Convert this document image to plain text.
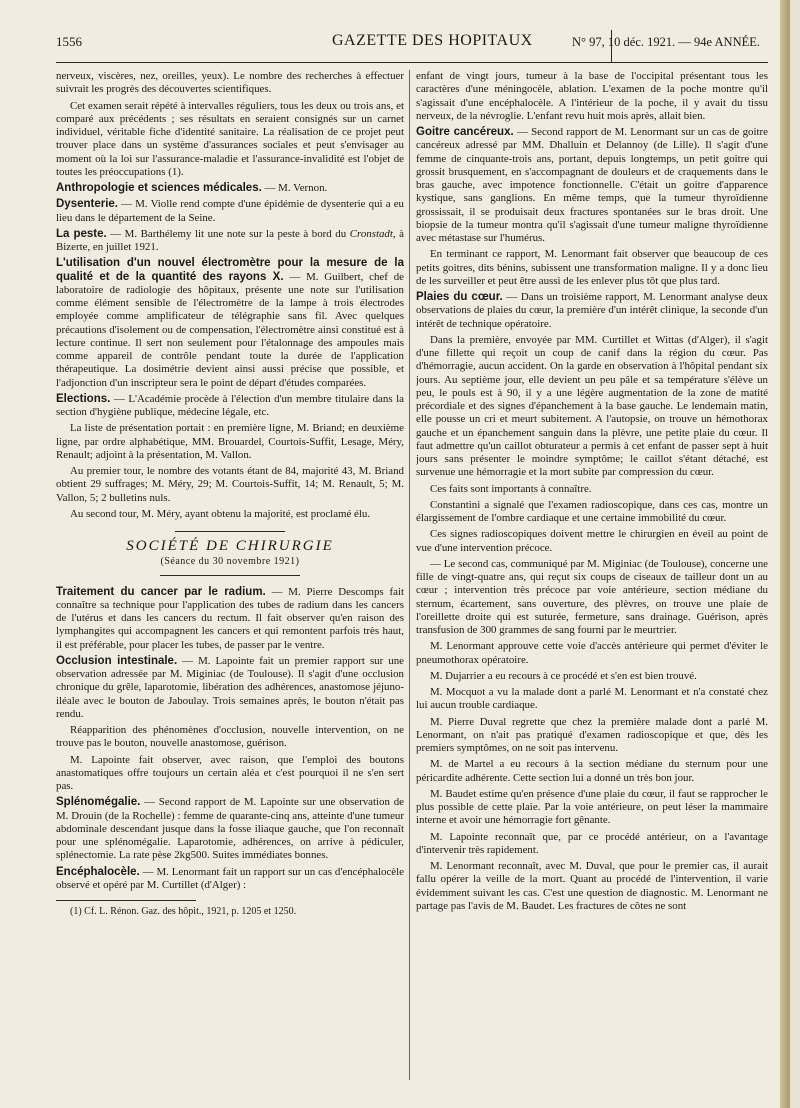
1556	GAZETTE DES HOPITAUX	N° 97, 10 déc. 1921. — 94e ANNÉE.

nerveux, viscères, nez, oreilles, yeux). Le nombre des recherches à effectuer suivrait les progrès des découvertes scientifiques.

Cet examen serait répété à intervalles réguliers, tous les deux ou trois ans, et comparé aux précédents ; ses résultats en seraient consignés sur un carnet individuel, véritable fiche d'identité sanitaire. La réalisation de ce projet peut trouver place dans un système d'assurances sociales et peut s'envisager au moment où la loi sur l'assurance-maladie et l'assurance-invalidité est l'objet de toutes les préoccupations (1).

Anthropologie et sciences médicales. — M. Vernon.

Dysenterie. — M. Violle rend compte d'une épidémie de dysenterie qui a eu lieu dans le département de la Seine.

La peste. — M. Barthélemy lit une note sur la peste à bord du Cronstadt, à Bizerte, en juillet 1921.

L'utilisation d'un nouvel électromètre pour la mesure de la qualité et de la quantité des rayons X. — M. Guilbert, chef de laboratoire de radiologie des hôpitaux, présente une note sur l'utilisation comme élément sensible de l'électromètre de la lampe à trois électrodes employée comme amplificateur de télégraphie sans fil. Avec quelques précautions d'isolement ou de compensation, l'électromètre ainsi constitué est à lecture continue. Il sert non seulement pour l'étalonnage des ampoules mais comme appareil de contrôle pendant toute la durée de l'application thérapeutique. La dosimétrie devient ainsi aussi précise que possible, et l'adjonction d'un inscripteur sera le point de départ d'études comparées.

Elections. — L'Académie procède à l'élection d'un membre titulaire dans la section d'hygiène publique, médecine légale, etc.

La liste de présentation portait : en première ligne, M. Briand; en deuxième ligne, par ordre alphabétique, MM. Brouardel, Courtois-Suffit, Lesage, Méry, Renault; adjoint à la présentation, M. Vallon.

Au premier tour, le nombre des votants étant de 84, majorité 43, M. Briand obtient 29 suffrages; M. Méry, 29; M. Courtois-Suffit, 14; M. Renault, 5; M. Vallon, 5; 2 bulletins nuls.

Au second tour, M. Méry, ayant obtenu la majorité, est proclamé élu.

SOCIÉTÉ DE CHIRURGIE
(Séance du 30 novembre 1921)

Traitement du cancer par le radium. — M. Pierre Descomps fait connaître sa technique pour l'application des tubes de radium dans les cancers de l'utérus et dans les cancers du rectum. Il fait observer qu'en raison des lymphangites qui accompagnent les cancers et qui remontent parfois très haut, il est préférable, pour placer les tubes, de passer par le ventre.

Occlusion intestinale. — M. Lapointe fait un premier rapport sur une observation adressée par M. Miginiac (de Toulouse). Il s'agit d'une occlusion chronique du grêle, laparotomie, libération des adhérences, anastomose jéjuno-iléale avec le bouton de Jaboulay. Trois semaines après, le bouton n'était pas rendu.

Réapparition des phénomènes d'occlusion, nouvelle intervention, on ne trouve pas le bouton, nouvelle anastomose, guérison.

M. Lapointe fait observer, avec raison, que l'emploi des boutons anastomatiques offre toujours un certain aléa et c'est pourquoi il ne s'en sert pas.

Splénomégalie. — Second rapport de M. Lapointe sur une observation de M. Drouin (de la Rochelle) : femme de quarante-cinq ans, atteinte d'une tumeur abdominale descendant jusque dans la fosse iliaque gauche, que l'on reconnaît pour une splénomégalie. Laparotomie, adhérences, on arrive à pédiculer, splénectomie. La rate pèse 2kg500. Suites immédiates bonnes.

Encéphalocèle. — M. Lenormant fait un rapport sur un cas d'encéphalocèle observé et opéré par M. Curtillet (d'Alger) :

(1) Cf. L. Rénon. Gaz. des hôpit., 1921, p. 1205 et 1250.

enfant de vingt jours, tumeur à la base de l'occipital présentant tous les caractères d'une méningocèle, ablation. L'examen de la poche montre qu'il s'agissait d'une encéphalocèle. A l'intérieur de la poche, il y avait du tissu nerveux, de la névroglie. L'enfant revu huit mois après, allait bien.

Goitre cancéreux. — Second rapport de M. Lenormant sur un cas de goitre cancéreux adressé par MM. Dhalluin et Delannoy (de Lille). Il s'agit d'une femme de cinquante-trois ans, portant, depuis longtemps, un petit goitre qui grossit brusquement, en s'accompagnant de douleurs et de craquements dans le bras gauche, avec impotence fonctionnelle. C'était un goitre d'apparence kystique, sans ganglions. En même temps, que la tumeur thyroïdienne grossissait, il se produisait deux fractures spontanées sur le bras droit. Une biopsie de la tumeur montra qu'il s'agissait d'une tumeur maligne thyroïdienne avec métastase sur l'humérus.

En terminant ce rapport, M. Lenormant fait observer que beaucoup de ces petits goitres, dits bénins, subissent une transformation maligne. Il y a donc lieu de les surveiller et peut être aussi de les enlever plus tôt que plus tard.

Plaies du cœur. — Dans un troisième rapport, M. Lenormant analyse deux observations de plaies du cœur, la première d'un intérêt clinique, la seconde d'un intérêt de technique opératoire.

Dans la première, envoyée par MM. Curtillet et Wittas (d'Alger), il s'agit d'une fillette qui reçoit un coup de canif dans la région du cœur. Pas d'hémorragie, aucun accident. On la garde en observation à l'hôpital pendant six jours. Au septième jour, elle devient un peu pâle et sa température s'élève un peu, le pouls est à 90, il y a une légère augmentation de la zone de matité précordiale et des signes d'épanchement à la base gauche. Le lendemain matin, elle pousse un cri et meurt subitement. A l'autopsie, on trouve un hémothorax gauche et un épanchement sanguin dans la plèvre, une petite plaie du cœur. Il faut admettre qu'un caillot obturateur a permis à cet enfant de passer sept à huit jours sans présenter le moindre symptôme; le caillot s'étant détaché, est survenue une hémorragie et la mort subite par compression du cœur.

Ces faits sont importants à connaître.

Constantini a signalé que l'examen radioscopique, dans ces cas, montre un élargissement de l'ombre cardiaque et une certaine immobilité du cœur.

Ces signes radioscopiques doivent mettre le chirurgien en éveil au point de vue d'une intervention précoce.

— Le second cas, communiqué par M. Miginiac (de Toulouse), concerne une fille de vingt-quatre ans, qui reçut six coups de ciseaux de tailleur dont un au cœur ; intervention très précoce par voie antérieure, section médiane du sternum, écartement, sans ouverture, des plèvres, on trouve une plaie de l'oreillette droite qui est suturée, fermeture, sans drainage. Guérison, après transfusion de 300 grammes de sang fourni par le meurtrier.

M. Lenormant approuve cette voie d'accès antérieure qui permet d'éviter le pneumothorax opératoire.

M. Dujarrier a eu recours à ce procédé et s'en est bien trouvé.

M. Mocquot a vu la malade dont a parlé M. Lenormant et n'a constaté chez lui aucun trouble cardiaque.

M. Pierre Duval regrette que chez la première malade dont a parlé M. Lenormant, on n'ait pas pratiqué d'examen radioscopique et que, dès les premiers symptômes, on ne soit pas intervenu.

M. de Martel a eu recours à la section médiane du sternum pour une péricardite adhérente. Cette section lui a donné un très bon jour.

M. Baudet estime qu'en présence d'une plaie du cœur, il faut se rapprocher le plus possible de cette plaie. Par la voie antérieure, on peut léser la mammaire interne et avoir une hémorragie fort gênante.

M. Lapointe reconnaît que, par ce procédé antérieur, on a l'avantage d'intervenir très rapidement.

M. Lenormant reconnaît, avec M. Duval, que pour le premier cas, il aurait fallu opérer la veille de la mort. Quant au procédé de l'intervention, il varie évidemment suivant les cas. C'est une question de diagnostic. M. Lenormant ne partage pas l'avis de M. Baudet. Les fractures de côtes ne sont
